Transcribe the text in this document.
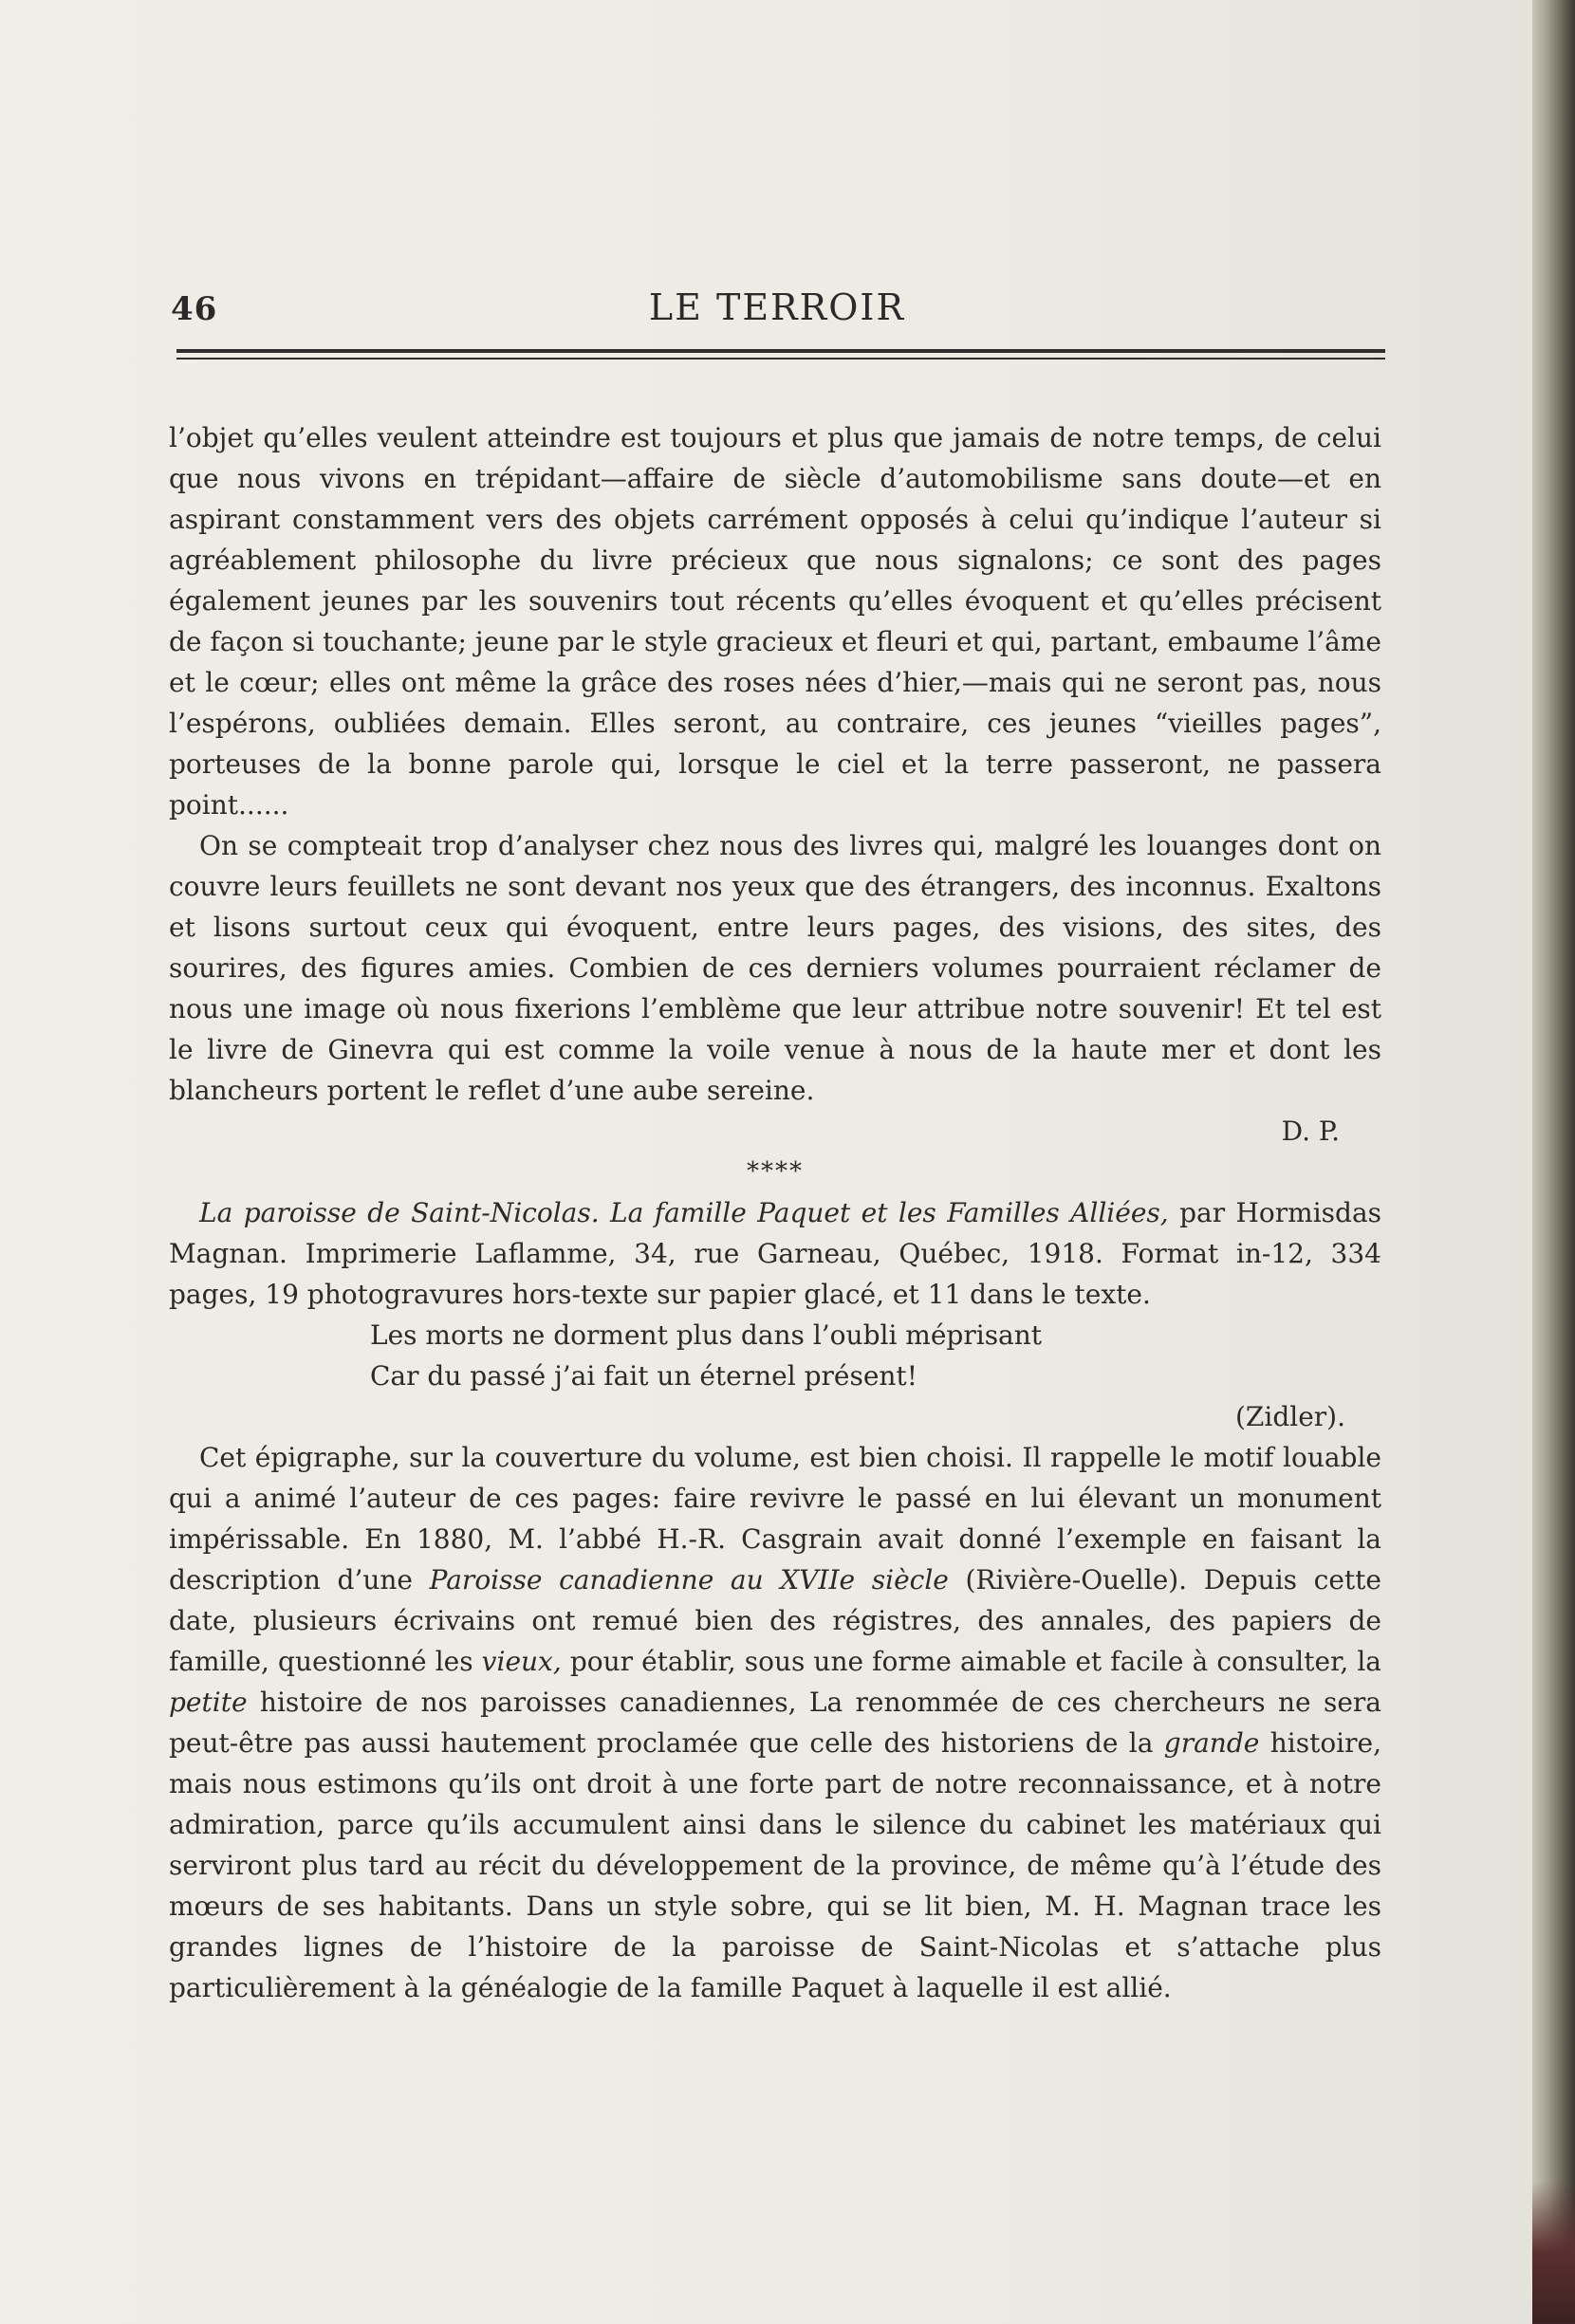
46	LE TERROIR

l’objet qu’elles veulent atteindre est toujours et plus que jamais de notre temps, de celui que nous vivons en trépidant—affaire de siècle d’automobilisme sans doute—et en aspirant constamment vers des objets carrément opposés à celui qu’indique l’auteur si agréablement philosophe du livre précieux que nous signalons; ce sont des pages également jeunes par les souvenirs tout récents qu’elles évoquent et qu’elles précisent de façon si touchante; jeune par le style gracieux et fleuri et qui, partant, embaume l’âme et le cœur; elles ont même la grâce des roses nées d’hier,—mais qui ne seront pas, nous l’espérons, oubliées demain. Elles seront, au contraire, ces jeunes “vieilles pages”, porteuses de la bonne parole qui, lorsque le ciel et la terre passeront, ne passera point......

On se compteait trop d’analyser chez nous des livres qui, malgré les louanges dont on couvre leurs feuillets ne sont devant nos yeux que des étrangers, des inconnus. Exaltons et lisons surtout ceux qui évoquent, entre leurs pages, des visions, des sites, des sourires, des figures amies. Combien de ces derniers volumes pourraient réclamer de nous une image où nous fixerions l’emblème que leur attribue notre souvenir! Et tel est le livre de Ginevra qui est comme la voile venue à nous de la haute mer et dont les blancheurs portent le reflet d’une aube sereine.

D. P.

****

La paroisse de Saint-Nicolas. La famille Paquet et les Familles Alliées, par Hormisdas Magnan. Imprimerie Laflamme, 34, rue Garneau, Québec, 1918. Format in-12, 334 pages, 19 photogravures hors-texte sur papier glacé, et 11 dans le texte.

Les morts ne dorment plus dans l’oubli méprisant

Car du passé j’ai fait un éternel présent!

(Zidler).

Cet épigraphe, sur la couverture du volume, est bien choisi. Il rappelle le motif louable qui a animé l’auteur de ces pages: faire revivre le passé en lui élevant un monument impérissable. En 1880, M. l’abbé H.-R. Casgrain avait donné l’exemple en faisant la description d’une Paroisse canadienne au XVIIe siècle (Rivière-Ouelle). Depuis cette date, plusieurs écrivains ont remué bien des régistres, des annales, des papiers de famille, questionné les vieux, pour établir, sous une forme aimable et facile à consulter, la petite histoire de nos paroisses canadiennes, La renommée de ces chercheurs ne sera peut-être pas aussi hautement proclamée que celle des historiens de la grande histoire, mais nous estimons qu’ils ont droit à une forte part de notre reconnaissance, et à notre admiration, parce qu’ils accumulent ainsi dans le silence du cabinet les matériaux qui serviront plus tard au récit du développement de la province, de même qu’à l’étude des mœurs de ses habitants. Dans un style sobre, qui se lit bien, M. H. Magnan trace les grandes lignes de l’histoire de la paroisse de Saint-Nicolas et s’attache plus particulièrement à la généalogie de la famille Paquet à laquelle il est allié.
